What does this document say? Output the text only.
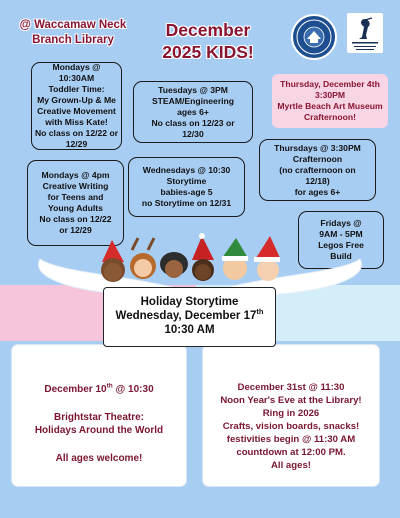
@ Waccamaw Neck
Branch Library	December
2025 KIDS!
Mondays @ 10:30AM
Toddler Time:
My Grown-Up & Me
Creative Movement
with Miss Kate!
No class on 12/22 or
12/29
Tuesdays @ 3PM
STEAM/Engineering
ages 6+
No class on 12/23 or
12/30
Thursday, December 4th
3:30PM
Myrtle Beach Art Museum
Crafternoon!
Mondays @ 4pm
Creative Writing
for Teens and
Young Adults
No class on 12/22
or 12/29
Wednesdays @ 10:30
Storytime
babies-age 5
no Storytime on 12/31
Thursdays @ 3:30PM
Crafternoon
(no crafternoon on
12/18)
for ages 6+
Fridays @
9AM - 5PM
Legos Free
Build
Holiday Storytime
Wednesday, December 17th
10:30 AM
December 10th @ 10:30
Brightstar Theatre:
Holidays Around the World
All ages welcome!
December 31st @ 11:30
Noon Year's Eve at the Library!
Ring in 2026
Crafts, vision boards, snacks!
festivities begin @ 11:30 AM
countdown at 12:00 PM.
All ages!
